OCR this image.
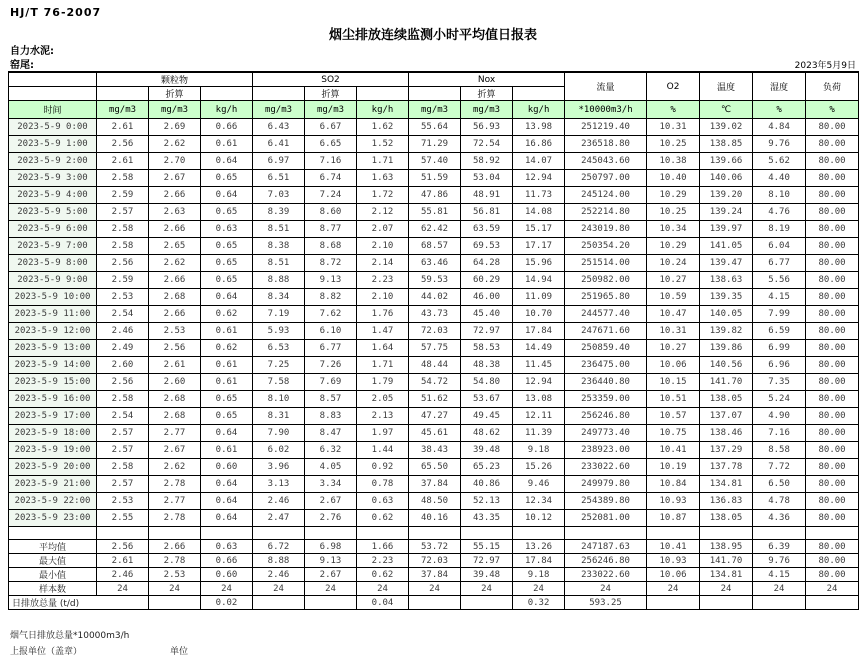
HJ/T 76-2007
烟尘排放连续监测小时平均值日报表
自力水泥:
窑尾:	2023年5月9日
	颗粒物			SO2			Nox			流量	O2	温度	湿度	负荷
		折算			折算			折算						
时间	mg/m3	mg/m3	kg/h	mg/m3	mg/m3	kg/h	mg/m3	mg/m3	kg/h	*10000m3/h	%	℃	%	%
2023-5-9 0:00	2.61	2.69	0.66	6.43	6.67	1.62	55.64	56.93	13.98	251219.40	10.31	139.02	4.84	80.00
2023-5-9 1:00	2.56	2.62	0.61	6.41	6.65	1.52	71.29	72.54	16.86	236518.80	10.25	138.85	9.76	80.00
2023-5-9 2:00	2.61	2.70	0.64	6.97	7.16	1.71	57.40	58.92	14.07	245043.60	10.38	139.66	5.62	80.00
2023-5-9 3:00	2.58	2.67	0.65	6.51	6.74	1.63	51.59	53.04	12.94	250797.00	10.40	140.06	4.40	80.00
2023-5-9 4:00	2.59	2.66	0.64	7.03	7.24	1.72	47.86	48.91	11.73	245124.00	10.29	139.20	8.10	80.00
2023-5-9 5:00	2.57	2.63	0.65	8.39	8.60	2.12	55.81	56.81	14.08	252214.80	10.25	139.24	4.76	80.00
2023-5-9 6:00	2.58	2.66	0.63	8.51	8.77	2.07	62.42	63.59	15.17	243019.80	10.34	139.97	8.19	80.00
2023-5-9 7:00	2.58	2.65	0.65	8.38	8.68	2.10	68.57	69.53	17.17	250354.20	10.29	141.05	6.04	80.00
2023-5-9 8:00	2.56	2.62	0.65	8.51	8.72	2.14	63.46	64.28	15.96	251514.00	10.24	139.47	6.77	80.00
2023-5-9 9:00	2.59	2.66	0.65	8.88	9.13	2.23	59.53	60.29	14.94	250982.00	10.27	138.63	5.56	80.00
2023-5-9 10:00	2.53	2.68	0.64	8.34	8.82	2.10	44.02	46.00	11.09	251965.80	10.59	139.35	4.15	80.00
2023-5-9 11:00	2.54	2.66	0.62	7.19	7.62	1.76	43.73	45.40	10.70	244577.40	10.47	140.05	7.99	80.00
2023-5-9 12:00	2.46	2.53	0.61	5.93	6.10	1.47	72.03	72.97	17.84	247671.60	10.31	139.82	6.59	80.00
2023-5-9 13:00	2.49	2.56	0.62	6.53	6.77	1.64	57.75	58.53	14.49	250859.40	10.27	139.86	6.99	80.00
2023-5-9 14:00	2.60	2.61	0.61	7.25	7.26	1.71	48.44	48.38	11.45	236475.00	10.06	140.56	6.96	80.00
2023-5-9 15:00	2.56	2.60	0.61	7.58	7.69	1.79	54.72	54.80	12.94	236440.80	10.15	141.70	7.35	80.00
2023-5-9 16:00	2.58	2.68	0.65	8.10	8.57	2.05	51.62	53.67	13.08	253359.00	10.51	138.05	5.24	80.00
2023-5-9 17:00	2.54	2.68	0.65	8.31	8.83	2.13	47.27	49.45	12.11	256246.80	10.57	137.07	4.90	80.00
2023-5-9 18:00	2.57	2.77	0.64	7.90	8.47	1.97	45.61	48.62	11.39	249773.40	10.75	138.46	7.16	80.00
2023-5-9 19:00	2.57	2.67	0.61	6.02	6.32	1.44	38.43	39.48	9.18	238923.00	10.41	137.29	8.58	80.00
2023-5-9 20:00	2.58	2.62	0.60	3.96	4.05	0.92	65.50	65.23	15.26	233022.60	10.19	137.78	7.72	80.00
2023-5-9 21:00	2.57	2.78	0.64	3.13	3.34	0.78	37.84	40.86	9.46	249979.80	10.84	134.81	6.50	80.00
2023-5-9 22:00	2.53	2.77	0.64	2.46	2.67	0.63	48.50	52.13	12.34	254389.80	10.93	136.83	4.78	80.00
2023-5-9 23:00	2.55	2.78	0.64	2.47	2.76	0.62	40.16	43.35	10.12	252081.00	10.87	138.05	4.36	80.00

平均值	2.56	2.66	0.63	6.72	6.98	1.66	53.72	55.15	13.26	247187.63	10.41	138.95	6.39	80.00
最大值	2.61	2.78	0.66	8.88	9.13	2.23	72.03	72.97	17.84	256246.80	10.93	141.70	9.76	80.00
最小值	2.46	2.53	0.60	2.46	2.67	0.62	37.84	39.48	9.18	233022.60	10.06	134.81	4.15	80.00
样本数	24	24	24	24	24	24	24	24	24	24	24	24	24	24
日排放总量 (t/d)			0.02			0.04			0.32	593.25				
烟气日排放总量*10000m3/h
上报单位（盖章）	单位
